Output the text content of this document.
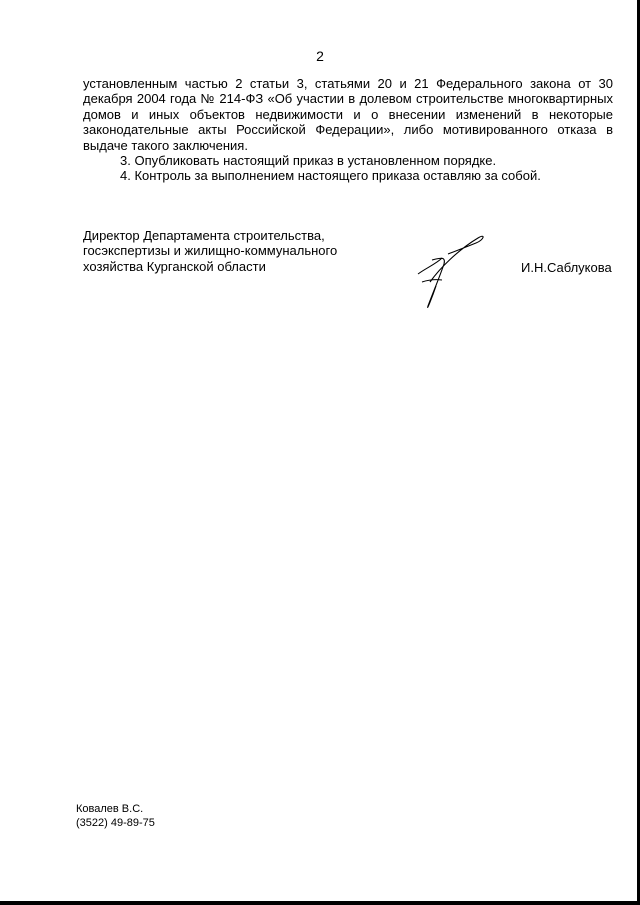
2

установленным частью 2 статьи 3, статьями 20 и 21 Федерального закона от 30 декабря 2004 года № 214-ФЗ «Об участии в долевом строительстве многоквартирных домов и иных объектов недвижимости и о внесении изменений в некоторые законодательные акты Российской Федерации», либо мотивированного отказа в выдаче такого заключения.

3. Опубликовать настоящий приказ в установленном порядке.

4. Контроль за выполнением настоящего приказа оставляю за собой.

Директор Департамента строительства,
госэкспертизы и жилищно-коммунального
хозяйства Курганской области	И.Н.Саблукова
Ковалев В.С.
(3522) 49-89-75
